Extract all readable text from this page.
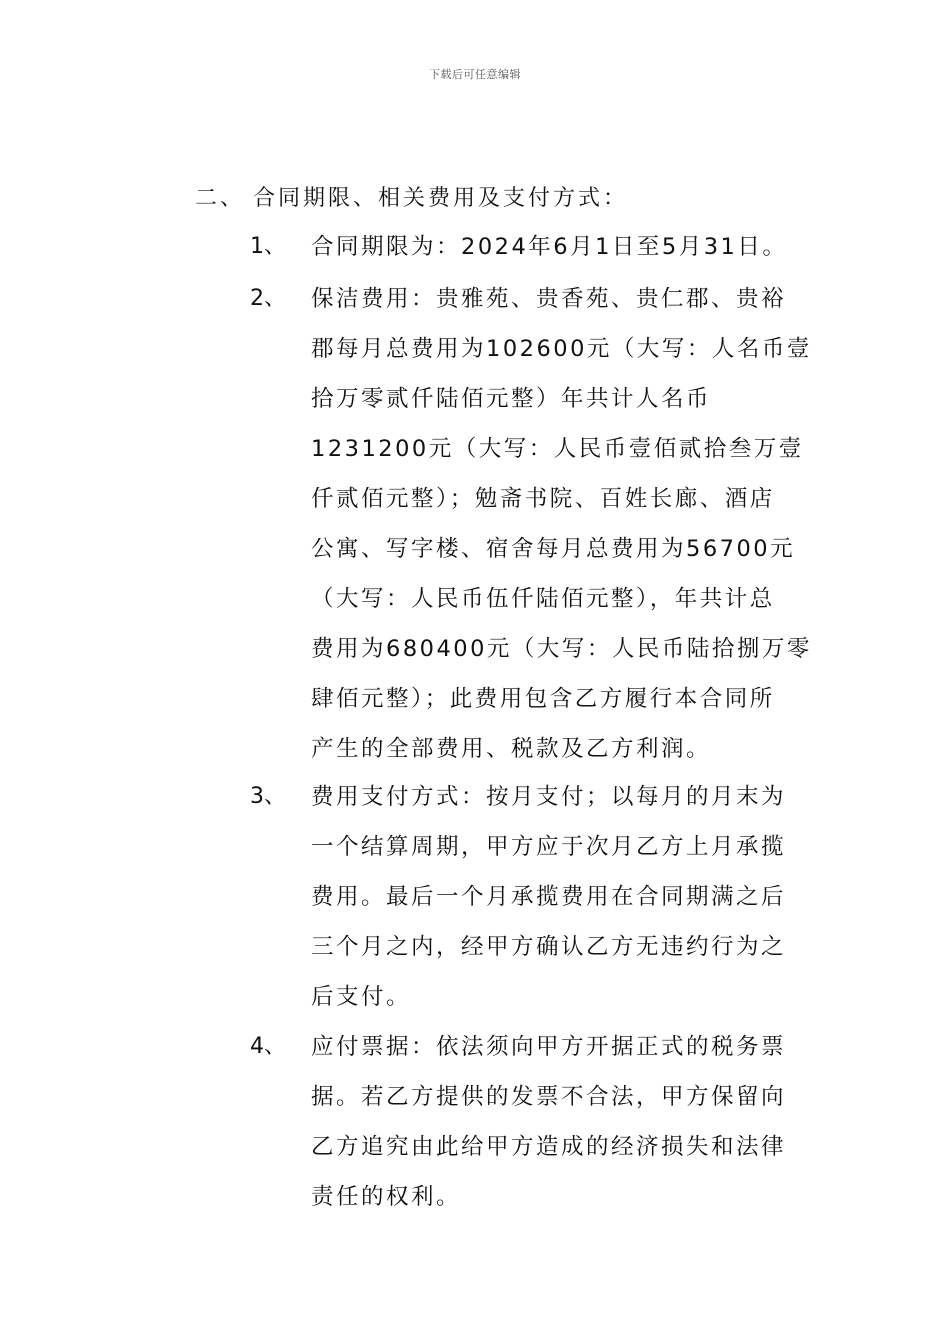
下载后可任意编辑
二、 合同期限、相关费用及支付方式：
1、	合同期限为：2024年6月1日至5月31日。
2、	保洁费用：贵雅苑、贵香苑、贵仁郡、贵裕
郡每月总费用为102600元（大写：人名币壹
拾万零贰仟陆佰元整）年共计人名币
1231200元（大写：人民币壹佰贰拾叁万壹
仟贰佰元整）；勉斋书院、百姓长廊、酒店
公寓、写字楼、宿舍每月总费用为56700元
（大写：人民币伍仟陆佰元整），年共计总
费用为680400元（大写：人民币陆拾捌万零
肆佰元整）；此费用包含乙方履行本合同所
产生的全部费用、税款及乙方利润。
3、	费用支付方式：按月支付；以每月的月末为
一个结算周期，甲方应于次月乙方上月承揽
费用。最后一个月承揽费用在合同期满之后
三个月之内，经甲方确认乙方无违约行为之
后支付。
4、	应付票据：依法须向甲方开据正式的税务票
据。若乙方提供的发票不合法，甲方保留向
乙方追究由此给甲方造成的经济损失和法律
责任的权利。
